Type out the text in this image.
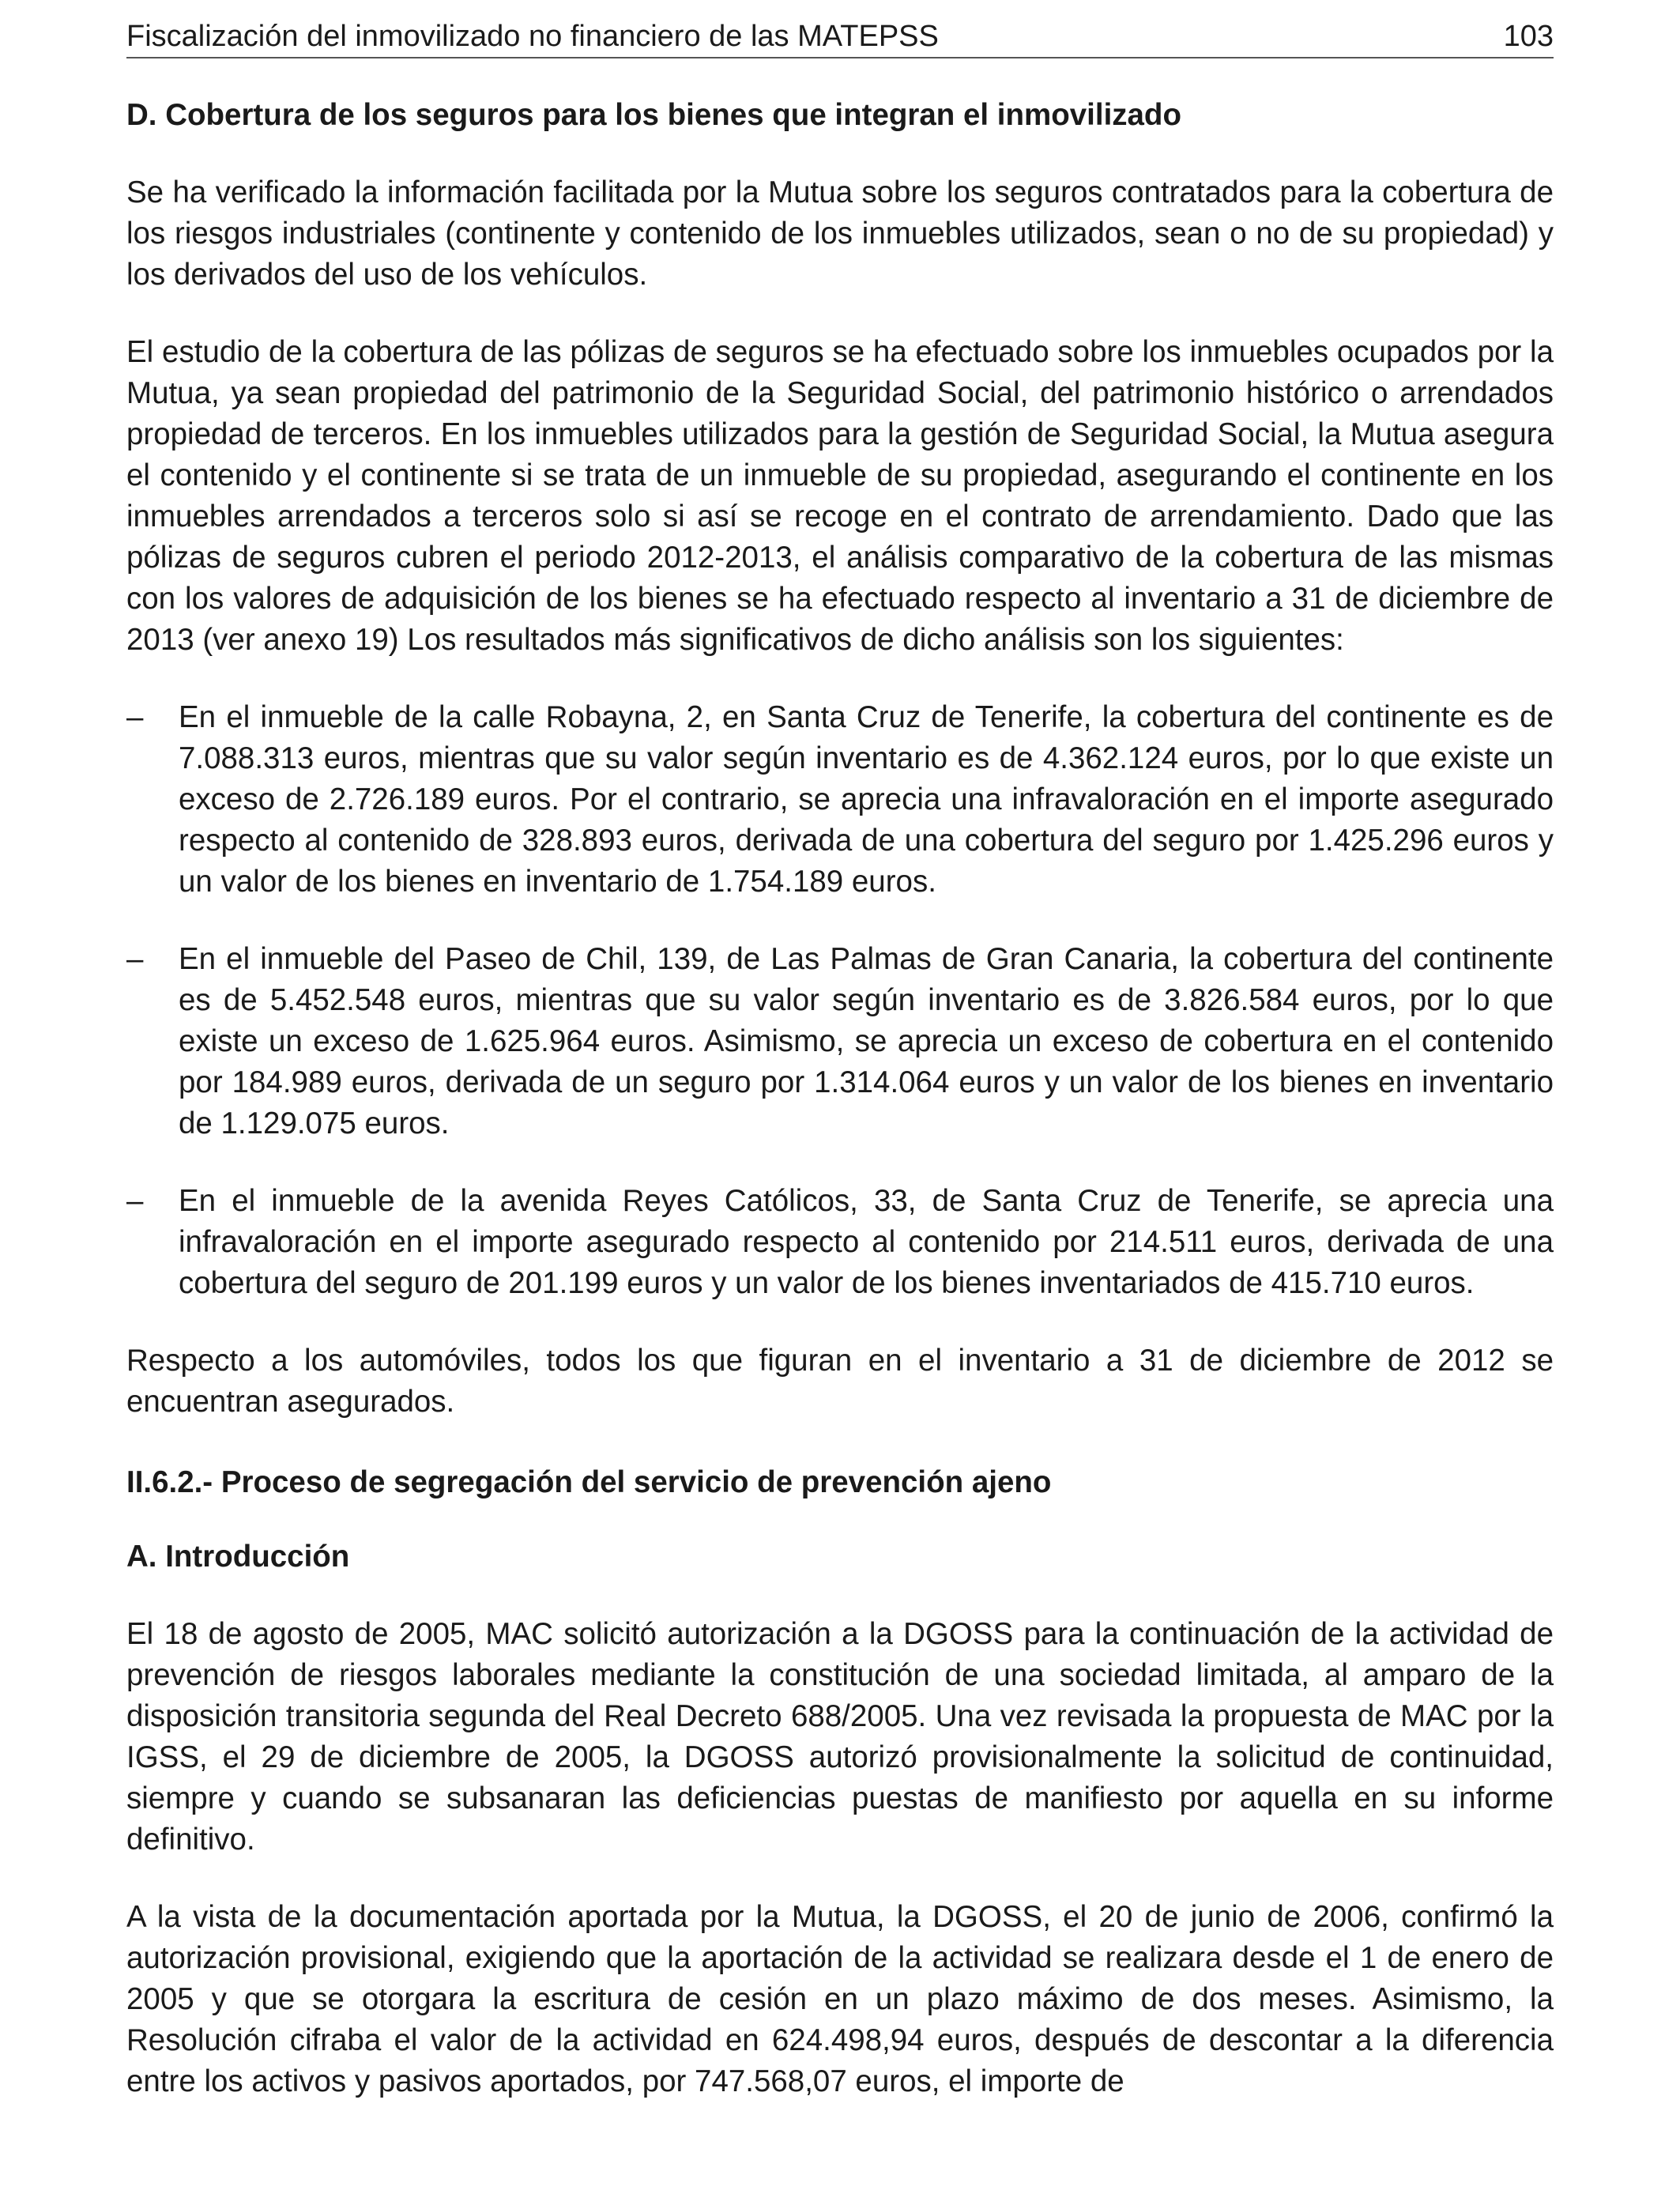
Fiscalización del inmovilizado no financiero de las MATEPSS	103
D. Cobertura de los seguros para los bienes que integran el inmovilizado

Se ha verificado la información facilitada por la Mutua sobre los seguros contratados para la cobertura de los riesgos industriales (continente y contenido de los inmuebles utilizados, sean o no de su propiedad) y los derivados del uso de los vehículos.

El estudio de la cobertura de las pólizas de seguros se ha efectuado sobre los inmuebles ocupados por la Mutua, ya sean propiedad del patrimonio de la Seguridad Social, del patrimonio histórico o arrendados propiedad de terceros. En los inmuebles utilizados para la gestión de Seguridad Social, la Mutua asegura el contenido y el continente si se trata de un inmueble de su propiedad, asegurando el continente en los inmuebles arrendados a terceros solo si así se recoge en el contrato de arrendamiento. Dado que las pólizas de seguros cubren el periodo 2012-2013, el análisis comparativo de la cobertura de las mismas con los valores de adquisición de los bienes se ha efectuado respecto al inventario a 31 de diciembre de 2013 (ver anexo 19) Los resultados más significativos de dicho análisis son los siguientes:

– En el inmueble de la calle Robayna, 2, en Santa Cruz de Tenerife, la cobertura del continente es de 7.088.313 euros, mientras que su valor según inventario es de 4.362.124 euros, por lo que existe un exceso de 2.726.189 euros. Por el contrario, se aprecia una infravaloración en el importe asegurado respecto al contenido de 328.893 euros, derivada de una cobertura del seguro por 1.425.296 euros y un valor de los bienes en inventario de 1.754.189 euros.
– En el inmueble del Paseo de Chil, 139, de Las Palmas de Gran Canaria, la cobertura del continente es de 5.452.548 euros, mientras que su valor según inventario es de 3.826.584 euros, por lo que existe un exceso de 1.625.964 euros. Asimismo, se aprecia un exceso de cobertura en el contenido por 184.989 euros, derivada de un seguro por 1.314.064 euros y un valor de los bienes en inventario de 1.129.075 euros.
– En el inmueble de la avenida Reyes Católicos, 33, de Santa Cruz de Tenerife, se aprecia una infravaloración en el importe asegurado respecto al contenido por 214.511 euros, derivada de una cobertura del seguro de 201.199 euros y un valor de los bienes inventariados de 415.710 euros.

Respecto a los automóviles, todos los que figuran en el inventario a 31 de diciembre de 2012 se encuentran asegurados.

II.6.2.- Proceso de segregación del servicio de prevención ajeno
A. Introducción

El 18 de agosto de 2005, MAC solicitó autorización a la DGOSS para la continuación de la actividad de prevención de riesgos laborales mediante la constitución de una sociedad limitada, al amparo de la disposición transitoria segunda del Real Decreto 688/2005. Una vez revisada la propuesta de MAC por la IGSS, el 29 de diciembre de 2005, la DGOSS autorizó provisionalmente la solicitud de continuidad, siempre y cuando se subsanaran las deficiencias puestas de manifiesto por aquella en su informe definitivo.

A la vista de la documentación aportada por la Mutua, la DGOSS, el 20 de junio de 2006, confirmó la autorización provisional, exigiendo que la aportación de la actividad se realizara desde el 1 de enero de 2005 y que se otorgara la escritura de cesión en un plazo máximo de dos meses. Asimismo, la Resolución cifraba el valor de la actividad en 624.498,94 euros, después de descontar a la diferencia entre los activos y pasivos aportados, por 747.568,07 euros, el importe de
